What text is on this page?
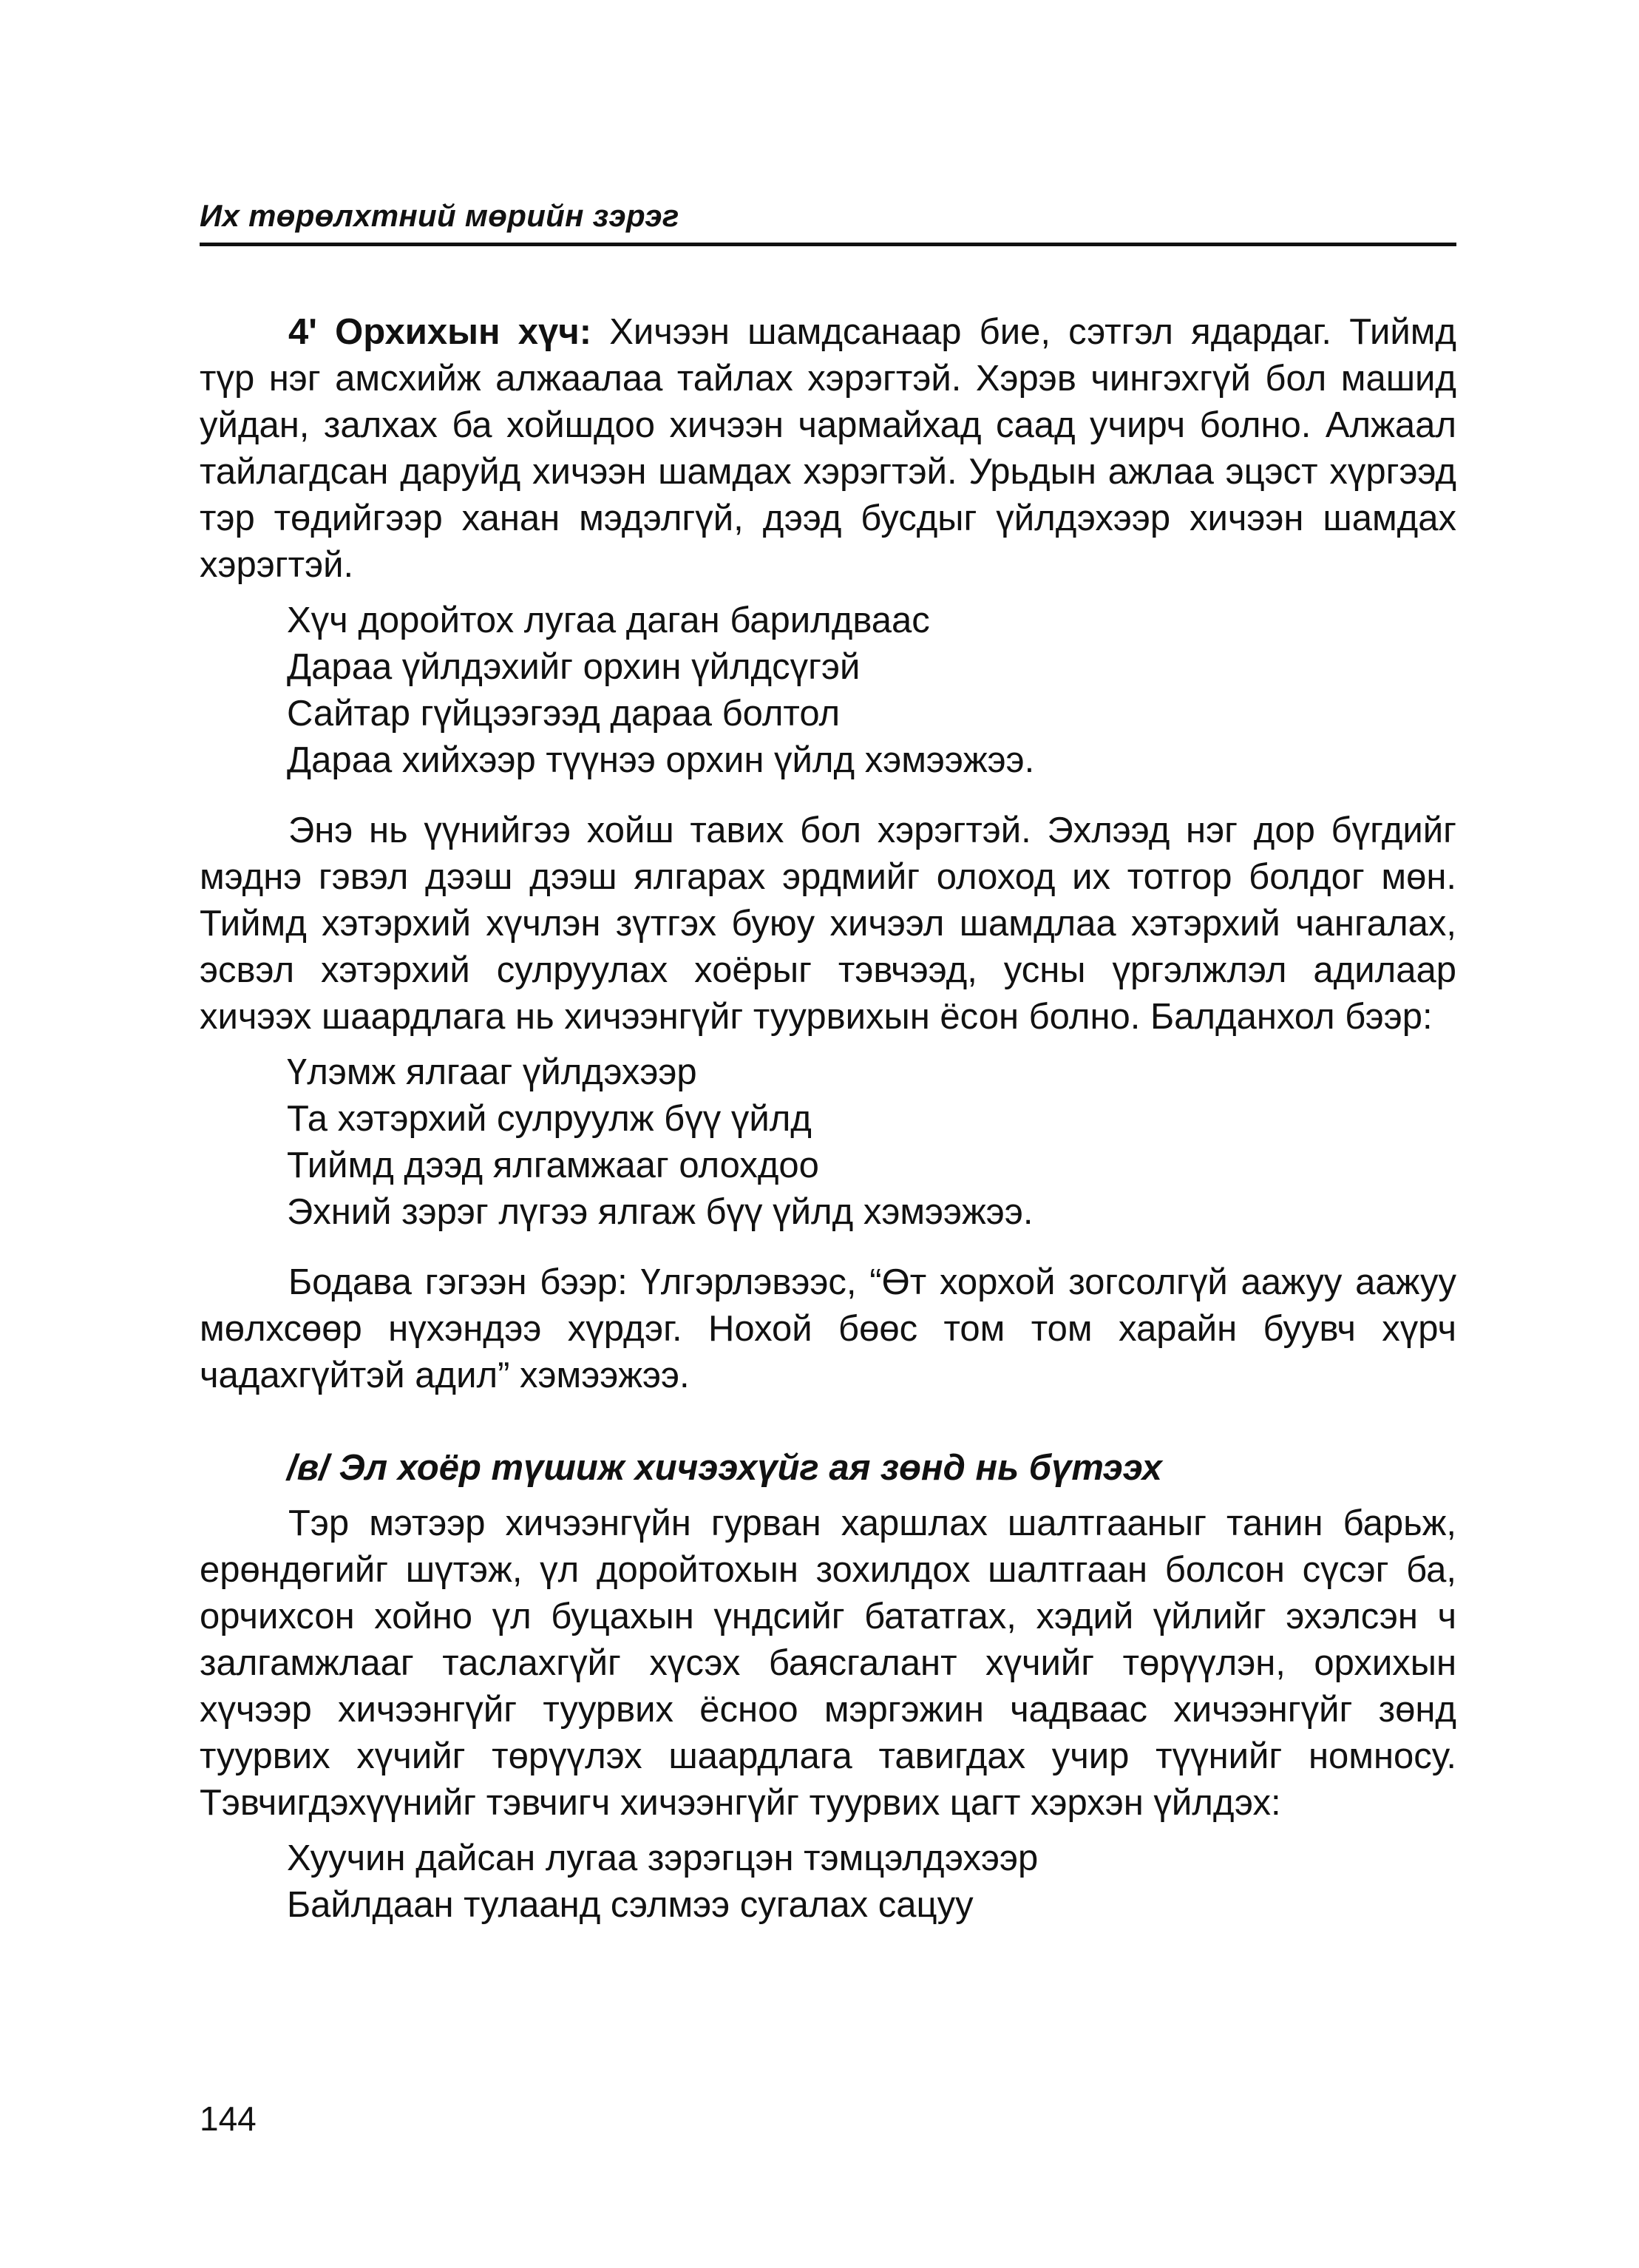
Их төрөлхтний мөрийн зэрэг

4' Орхихын хүч: Хичээн шамдсанаар бие, сэтгэл ядардаг. Тиймд түр нэг амсхийж алжаалаа тайлах хэрэгтэй. Хэрэв чингэхгүй бол машид уйдан, залхах ба хойшдоо хичээн чармайхад саад учирч болно. Алжаал тайлагдсан даруйд хичээн шамдах хэрэгтэй. Урьдын ажлаа эцэст хүргээд тэр төдийгээр ханан мэдэлгүй, дээд бусдыг үйлдэхээр хичээн шамдах хэрэгтэй.

Хүч доройтох лугаа даган барилдваас
Дараа үйлдэхийг орхин үйлдсүгэй
Сайтар гүйцээгээд дараа болтол
Дараа хийхээр түүнээ орхин үйлд хэмээжээ.

Энэ нь үүнийгээ хойш тавих бол хэрэгтэй. Эхлээд нэг дор бүгдийг мэднэ гэвэл дээш дээш ялгарах эрдмийг олоход их тотгор болдог мөн. Тиймд хэтэрхий хүчлэн зүтгэх буюу хичээл шамдлаа хэтэрхий чангалах, эсвэл хэтэрхий сулруулах хоёрыг тэвчээд, усны үргэлжлэл адилаар хичээх шаардлага нь хичээнгүйг туурвихын ёсон болно. Балданхол бээр:

Үлэмж ялгааг үйлдэхээр
Та хэтэрхий сулруулж бүү үйлд
Тиймд дээд ялгамжааг олохдоо
Эхний зэрэг лүгээ ялгаж бүү үйлд хэмээжээ.

Бодава гэгээн бээр: Үлгэрлэвээс, “Өт хорхой зогсолгүй аажуу аажуу мөлхсөөр нүхэндээ хүрдэг. Нохой бөөс том том харайн буувч хүрч чадахгүйтэй адил” хэмээжээ.

/в/ Эл хоёр түшиж хичээхүйг ая зөнд нь бүтээх

Тэр мэтээр хичээнгүйн гурван харшлах шалтгааныг танин барьж, ерөндөгийг шүтэж, үл доройтохын зохилдох шалтгаан болсон сүсэг ба, орчихсон хойно үл буцахын үндсийг бататгах, хэдий үйлийг эхэлсэн ч залгамжлааг таслахгүйг хүсэх баясгалант хүчийг төрүүлэн, орхихын хүчээр хичээнгүйг туурвих ёсноо мэргэжин чадваас хичээнгүйг зөнд туурвих хүчийг төрүүлэх шаардлага тавигдах учир түүнийг номносу. Тэвчигдэхүүнийг тэвчигч хичээнгүйг туурвих цагт хэрхэн үйлдэх:

Хуучин дайсан лугаа зэрэгцэн тэмцэлдэхээр
Байлдаан тулаанд сэлмээ сугалах сацуу
144
